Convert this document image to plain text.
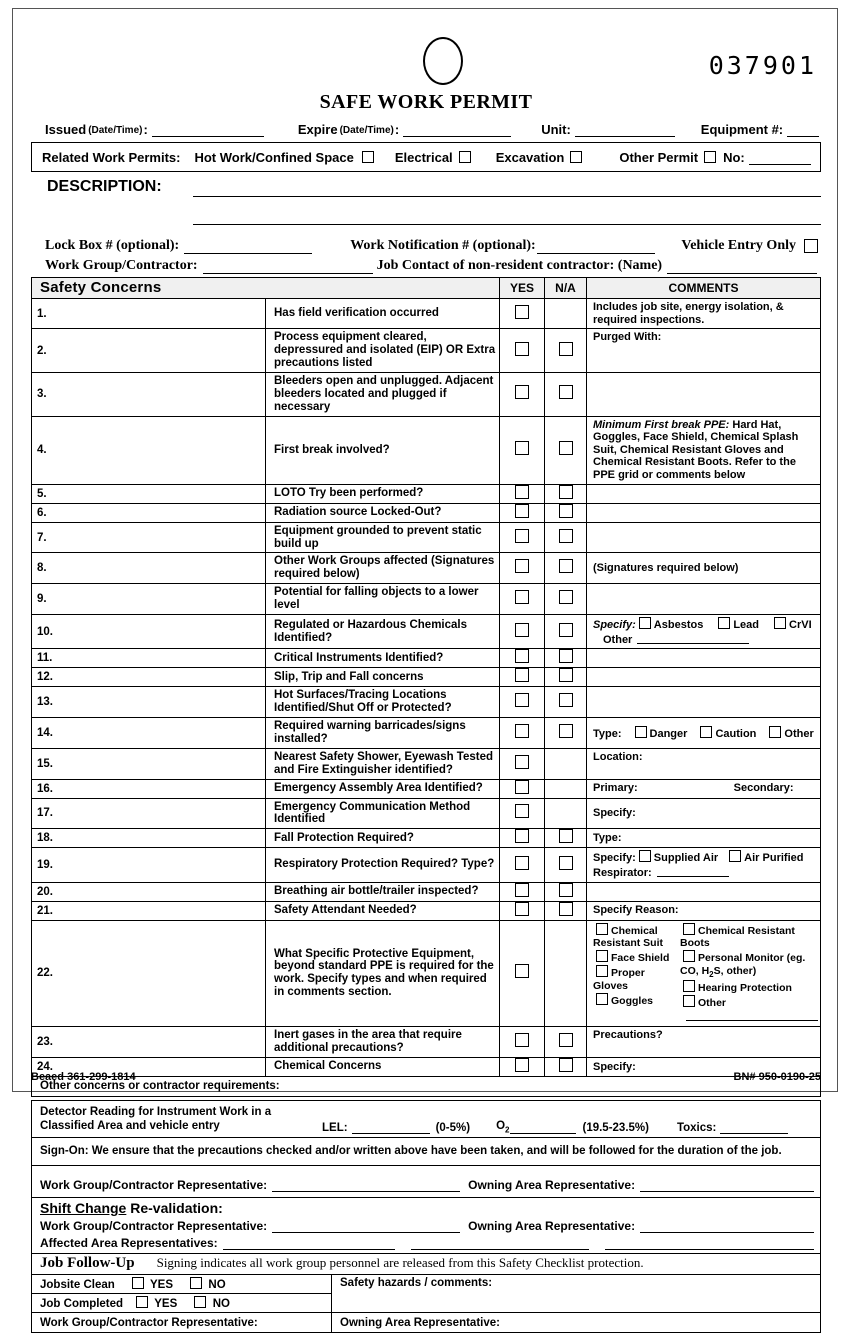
037901
SAFE WORK PERMIT
Issued (Date/Time) :	Expire (Date/Time) :	Unit:	Equipment #:
Related Work Permits: Hot Work/Confined Space	Electrical	Excavation	Other Permit No:
DESCRIPTION:
Lock Box # (optional):	Work Notification # (optional):	Vehicle Entry Only
Work Group/Contractor:	Job Contact of non-resident contractor: (Name)
Safety Concerns		YES	N/A	COMMENTS
1.	Has field verification occurred			Includes job site, energy isolation, & required inspections.
2.	Process equipment cleared, depressured and isolated (EIP) OR Extra precautions listed			Purged With:
3.	Bleeders open and unplugged. Adjacent bleeders located and plugged if necessary			
4.	First break involved?			Minimum First break PPE: Hard Hat, Goggles, Face Shield, Chemical Splash Suit, Chemical Resistant Gloves and Chemical Resistant Boots. Refer to the PPE grid or comments below
5.	LOTO Try been performed?			
6.	Radiation source Locked-Out?			
7.	Equipment grounded to prevent static build up			
8.	Other Work Groups affected (Signatures required below)			(Signatures required below)
9.	Potential for falling objects to a lower level			
10.	Regulated or Hazardous Chemicals Identified?			Specify: Asbestos Lead CrVIOther
11.	Critical Instruments Identified?			
12.	Slip, Trip and Fall concerns			
13.	Hot Surfaces/Tracing Locations Identified/Shut Off or Protected?			
14.	Required warning barricades/signs installed?			Type: Danger Caution Other
15.	Nearest Safety Shower, Eyewash Tested and Fire Extinguisher identified?			Location:
16.	Emergency Assembly Area Identified?			Primary: Secondary:
17.	Emergency Communication Method Identified			Specify:
18.	Fall Protection Required?			Type:
19.	Respiratory Protection Required? Type?			Specify: Supplied Air Air Purified Respirator:
20.	Breathing air bottle/trailer inspected?			
21.	Safety Attendant Needed?			Specify Reason:
22.	What Specific Protective Equipment, beyond standard PPE is required for the work. Specify types and when required in comments section.			
Chemical Resistant Suit
Face Shield
Proper Gloves
Goggles
Chemical Resistant Boots
Personal Monitor (eg. CO, $H_2S$, other)
Hearing Protection
Other

23.	Inert gases in the area that require additional precautions?			Precautions?
24.	Chemical Concerns			Specify:
Other concerns or contractor requirements:
Detector Reading for Instrument Work in a
Classified Area and vehicle entry	LEL:	(0-5%) $O_2$	(19.5-23.5%) Toxics:
Sign-On: We ensure that the precautions checked and/or written above have been taken, and will be followed for the duration of the job.
Work Group/Contractor Representative:	Owning Area Representative:
Shift Change Re-validation:
Work Group/Contractor Representative:	Owning Area Representative:
Affected Area Representatives:
Job Follow-Up Signing indicates all work group personnel are released from this Safety Checklist protection.
Jobsite Clean YES NO	Safety hazards / comments:
Job Completed YES NO	
Work Group/Contractor Representative:	Owning Area Representative:
Beaed 361-299-1814	BN# 950-0190-25
